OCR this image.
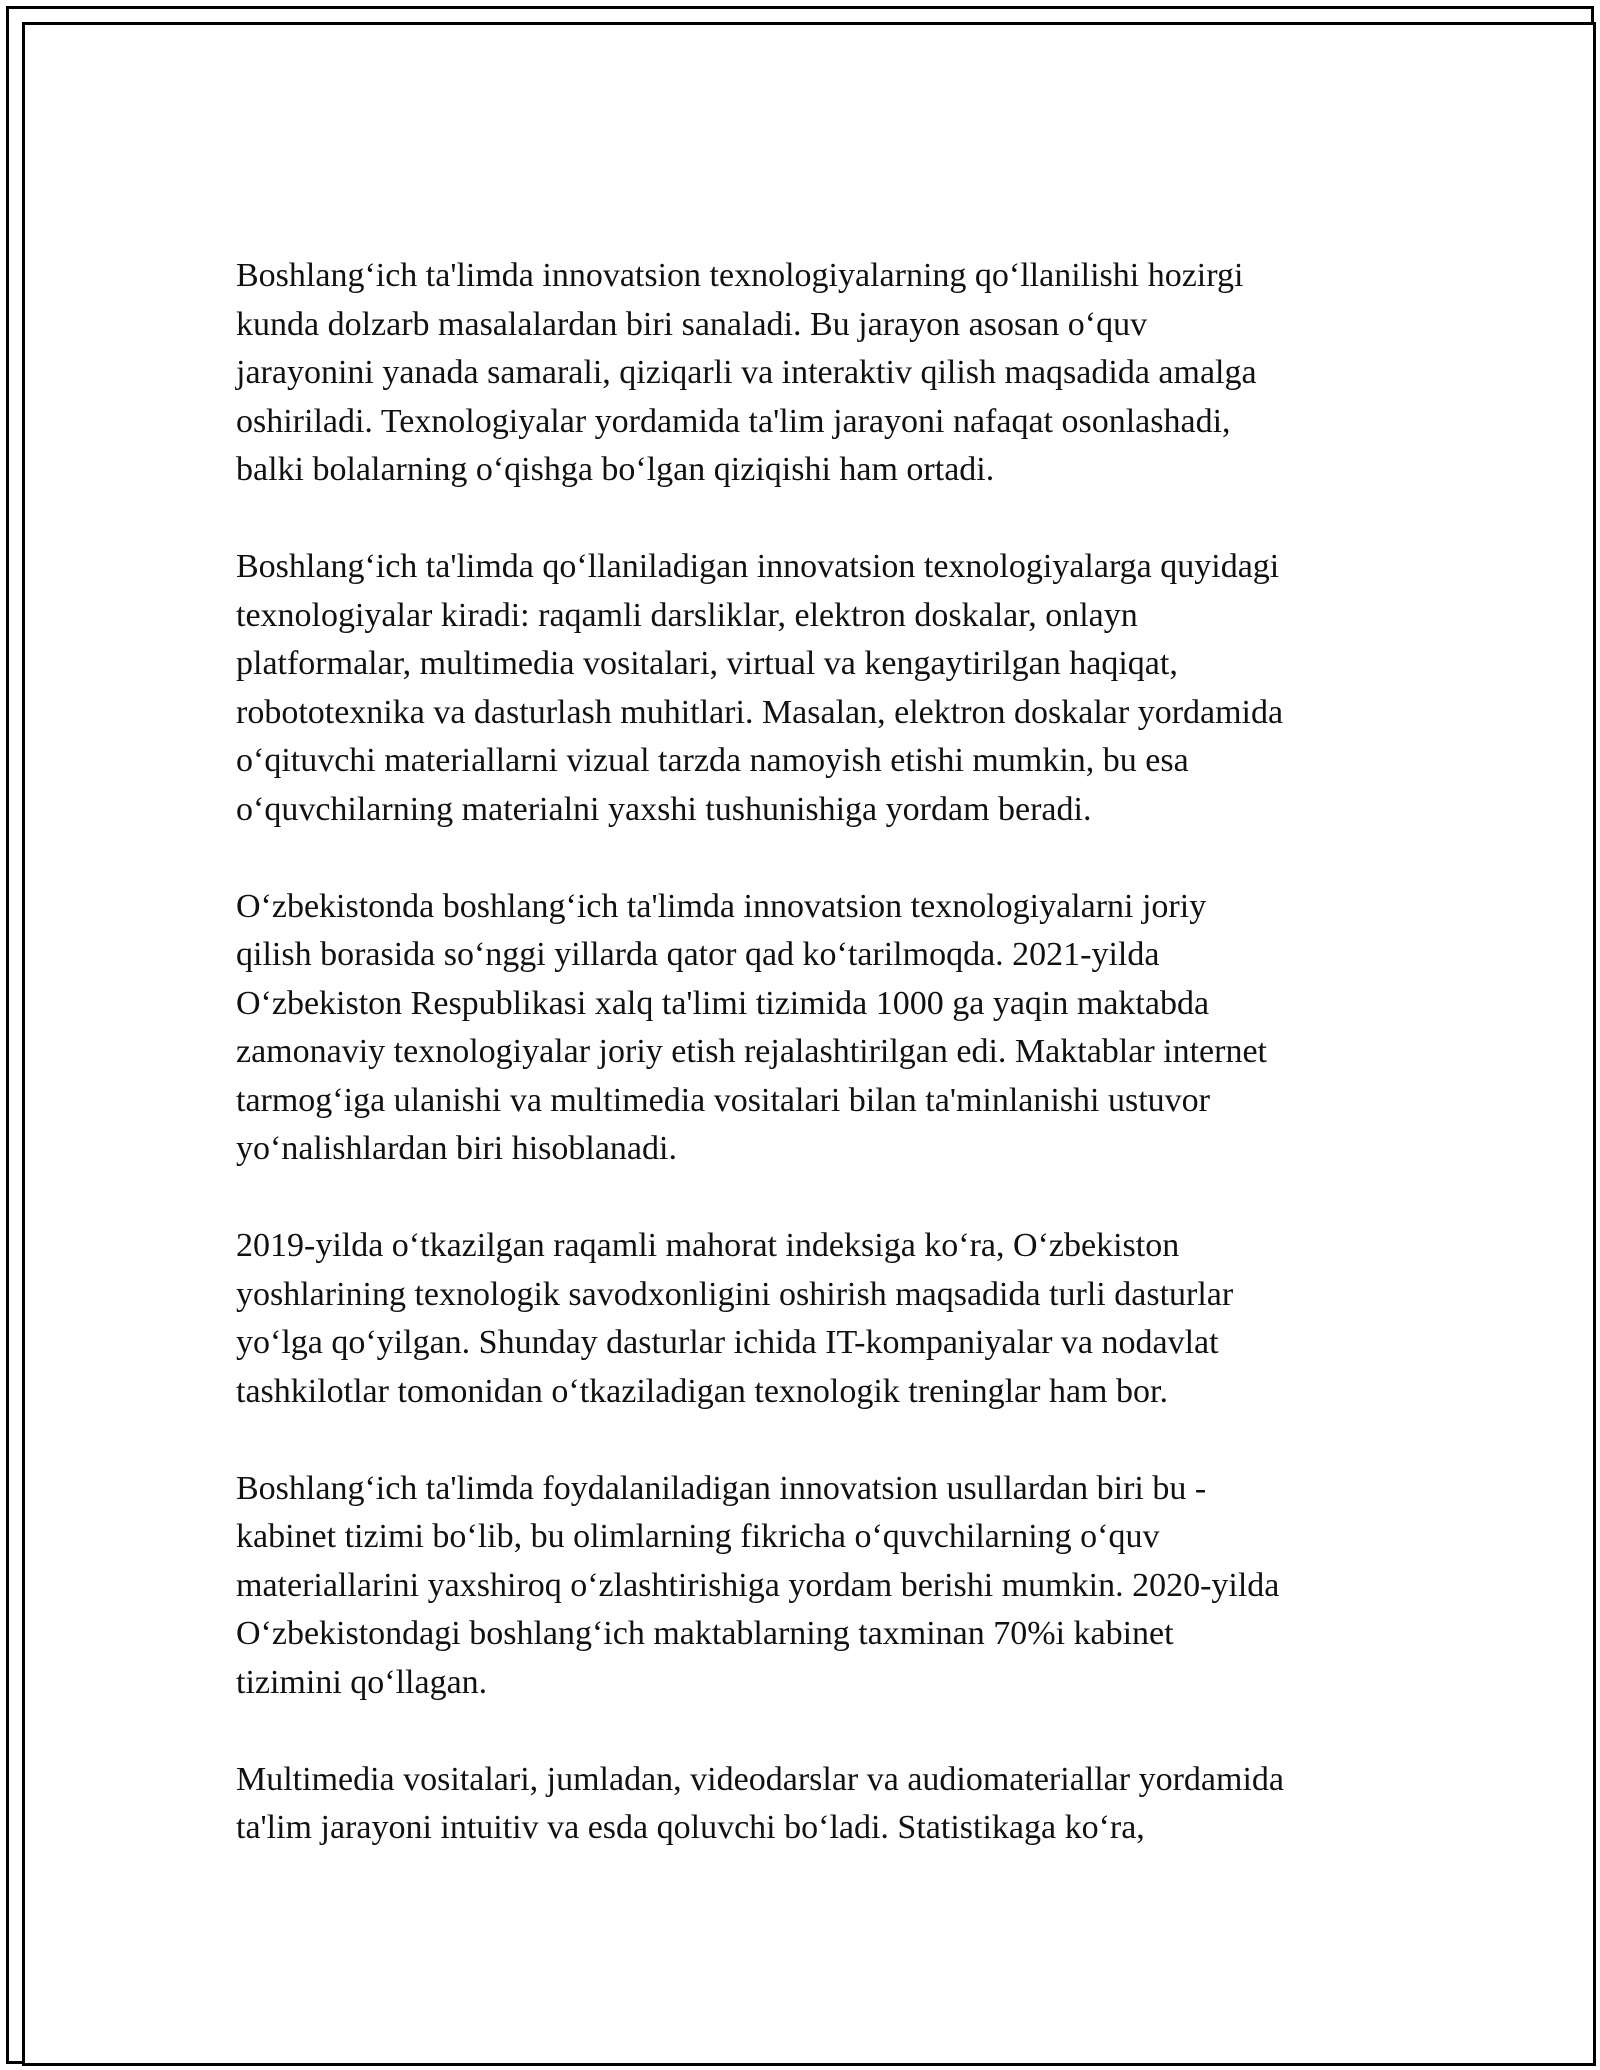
Boshlang‘ich ta'limda innovatsion texnologiyalarning qo‘llanilishi hozirgi
kunda dolzarb masalalardan biri sanaladi. Bu jarayon asosan o‘quv
jarayonini yanada samarali, qiziqarli va interaktiv qilish maqsadida amalga
oshiriladi. Texnologiyalar yordamida ta'lim jarayoni nafaqat osonlashadi,
balki bolalarning o‘qishga bo‘lgan qiziqishi ham ortadi.

Boshlang‘ich ta'limda qo‘llaniladigan innovatsion texnologiyalarga quyidagi
texnologiyalar kiradi: raqamli darsliklar, elektron doskalar, onlayn
platformalar, multimedia vositalari, virtual va kengaytirilgan haqiqat,
robototexnika va dasturlash muhitlari. Masalan, elektron doskalar yordamida
o‘qituvchi materiallarni vizual tarzda namoyish etishi mumkin, bu esa
o‘quvchilarning materialni yaxshi tushunishiga yordam beradi.

O‘zbekistonda boshlang‘ich ta'limda innovatsion texnologiyalarni joriy
qilish borasida so‘nggi yillarda qator qad ko‘tarilmoqda. 2021-yilda
O‘zbekiston Respublikasi xalq ta'limi tizimida 1000 ga yaqin maktabda
zamonaviy texnologiyalar joriy etish rejalashtirilgan edi. Maktablar internet
tarmog‘iga ulanishi va multimedia vositalari bilan ta'minlanishi ustuvor
yo‘nalishlardan biri hisoblanadi.

2019-yilda o‘tkazilgan raqamli mahorat indeksiga ko‘ra, O‘zbekiston
yoshlarining texnologik savodxonligini oshirish maqsadida turli dasturlar
yo‘lga qo‘yilgan. Shunday dasturlar ichida IT-kompaniyalar va nodavlat
tashkilotlar tomonidan o‘tkaziladigan texnologik treninglar ham bor.

Boshlang‘ich ta'limda foydalaniladigan innovatsion usullardan biri bu -
kabinet tizimi bo‘lib, bu olimlarning fikricha o‘quvchilarning o‘quv
materiallarini yaxshiroq o‘zlashtirishiga yordam berishi mumkin. 2020-yilda
O‘zbekistondagi boshlang‘ich maktablarning taxminan 70%i kabinet
tizimini qo‘llagan.

Multimedia vositalari, jumladan, videodarslar va audiomateriallar yordamida
ta'lim jarayoni intuitiv va esda qoluvchi bo‘ladi. Statistikaga ko‘ra,
